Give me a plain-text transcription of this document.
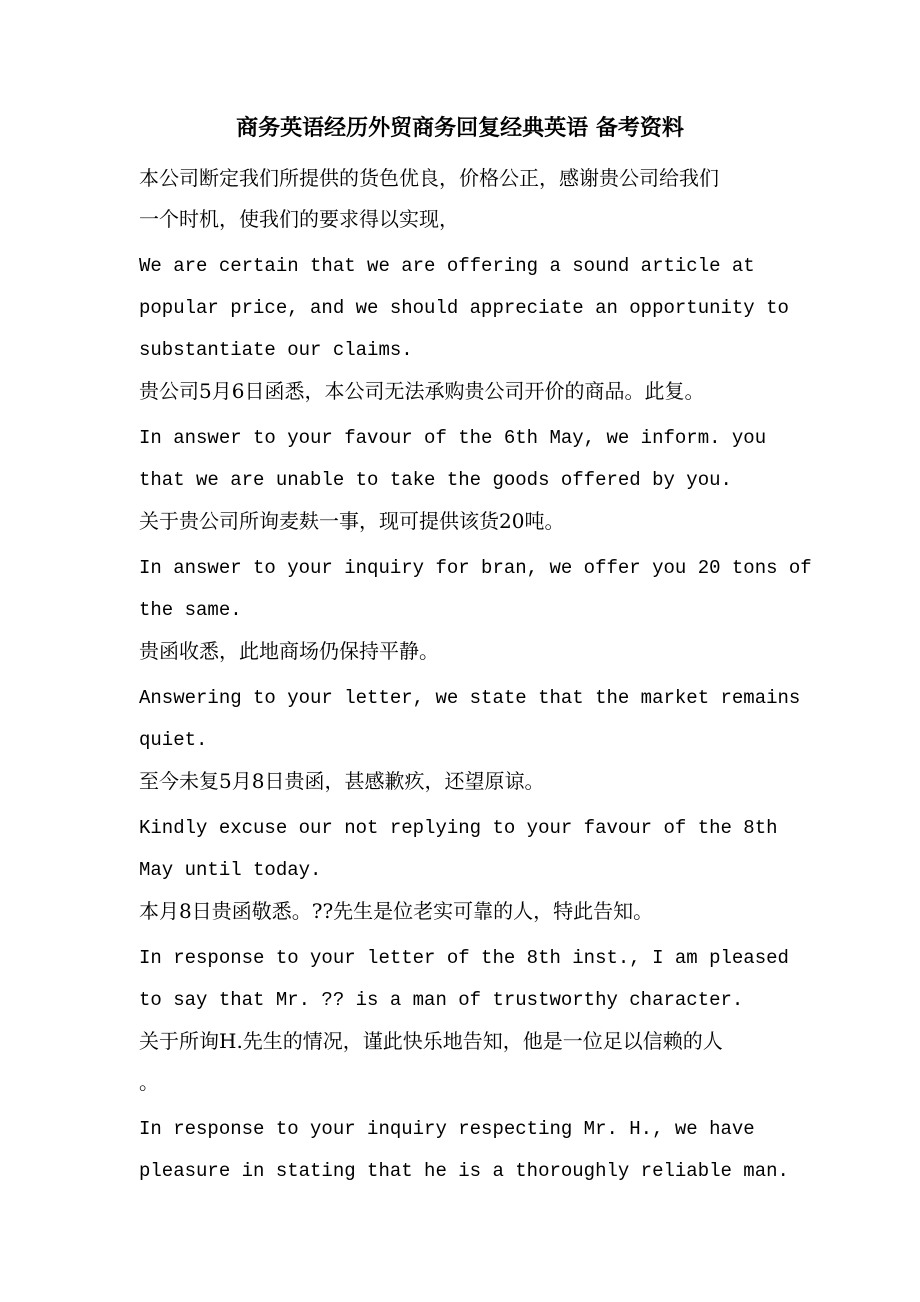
商务英语经历外贸商务回复经典英语 备考资料

本公司断定我们所提供的货色优良，价格公正，感谢贵公司给我们

一个时机，使我们的要求得以实现，

We are certain that we are offering a sound article at

popular price, and we should appreciate an opportunity to

substantiate our claims.

贵公司5月6日函悉，本公司无法承购贵公司开价的商品。此复。

In answer to your favour of the 6th May, we inform. you

that we are unable to take the goods offered by you.

关于贵公司所询麦麸一事，现可提供该货20吨。

In answer to your inquiry for bran, we offer you 20 tons of

the same.

贵函收悉，此地商场仍保持平静。

Answering to your letter, we state that the market remains

quiet.

至今未复5月8日贵函，甚感歉疚，还望原谅。

Kindly excuse our not replying to your favour of the 8th

May until today.

本月8日贵函敬悉。??先生是位老实可靠的人，特此告知。

In response to your letter of the 8th inst., I am pleased

to say that Mr. ?? is a man of trustworthy character.

关于所询H.先生的情况，谨此快乐地告知，他是一位足以信赖的人

。

In response to your inquiry respecting Mr. H., we have

pleasure in stating that he is a thoroughly reliable man.
